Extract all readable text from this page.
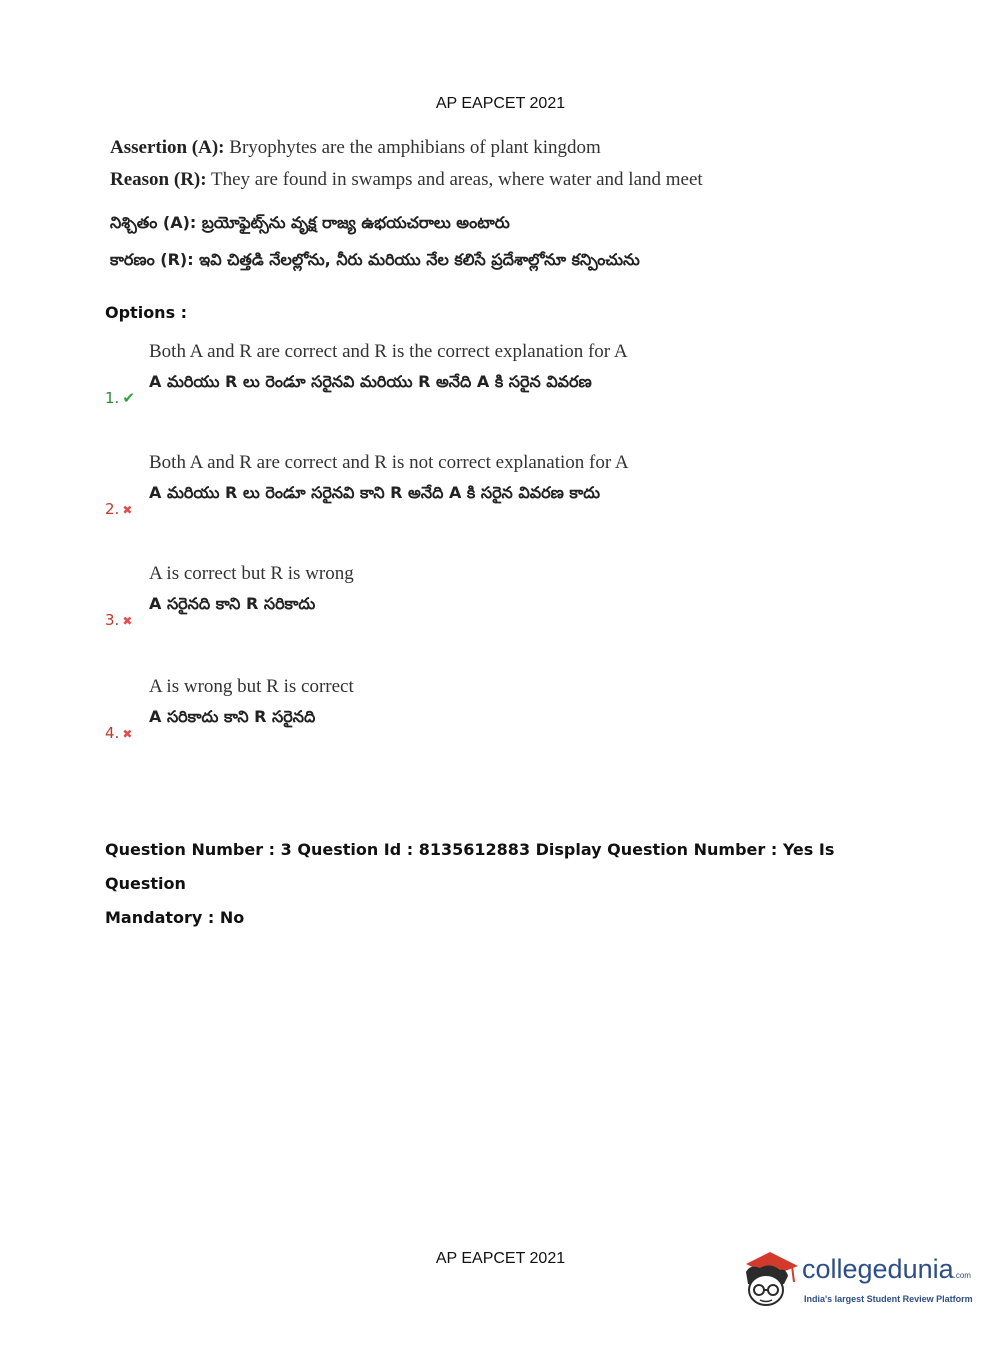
AP EAPCET 2021
Assertion (A): Bryophytes are the amphibians of plant kingdom
Reason (R): They are found in swamps and areas, where water and land meet
నిశ్చితం (A): బ్రయోఫైట్స్‌ను వృక్ష రాజ్య ఉభయచరాలు అంటారు
కారణం (R): ఇవి చిత్తడి నేలల్లోను, నీరు మరియు నేల కలిసే ప్రదేశాల్లోనూ కన్పించును
Options :
1. ✔
Both A and R are correct and R is the correct explanation for A
A మరియు R లు రెండూ సరైనవి మరియు R అనేది A కి సరైన వివరణ
2. ✖
Both A and R are correct and R is not correct explanation for A
A మరియు R లు రెండూ సరైనవి కాని R అనేది A కి సరైన వివరణ కాదు
3. ✖
A is correct but R is wrong
A సరైనది కాని R సరికాదు
4. ✖
A is wrong but R is correct
A సరికాదు కాని R సరైనది
Question Number : 3 Question Id : 8135612883 Display Question Number : Yes Is Question
Mandatory : No
AP EAPCET 2021	collegedunia.com
India's largest Student Review Platform
